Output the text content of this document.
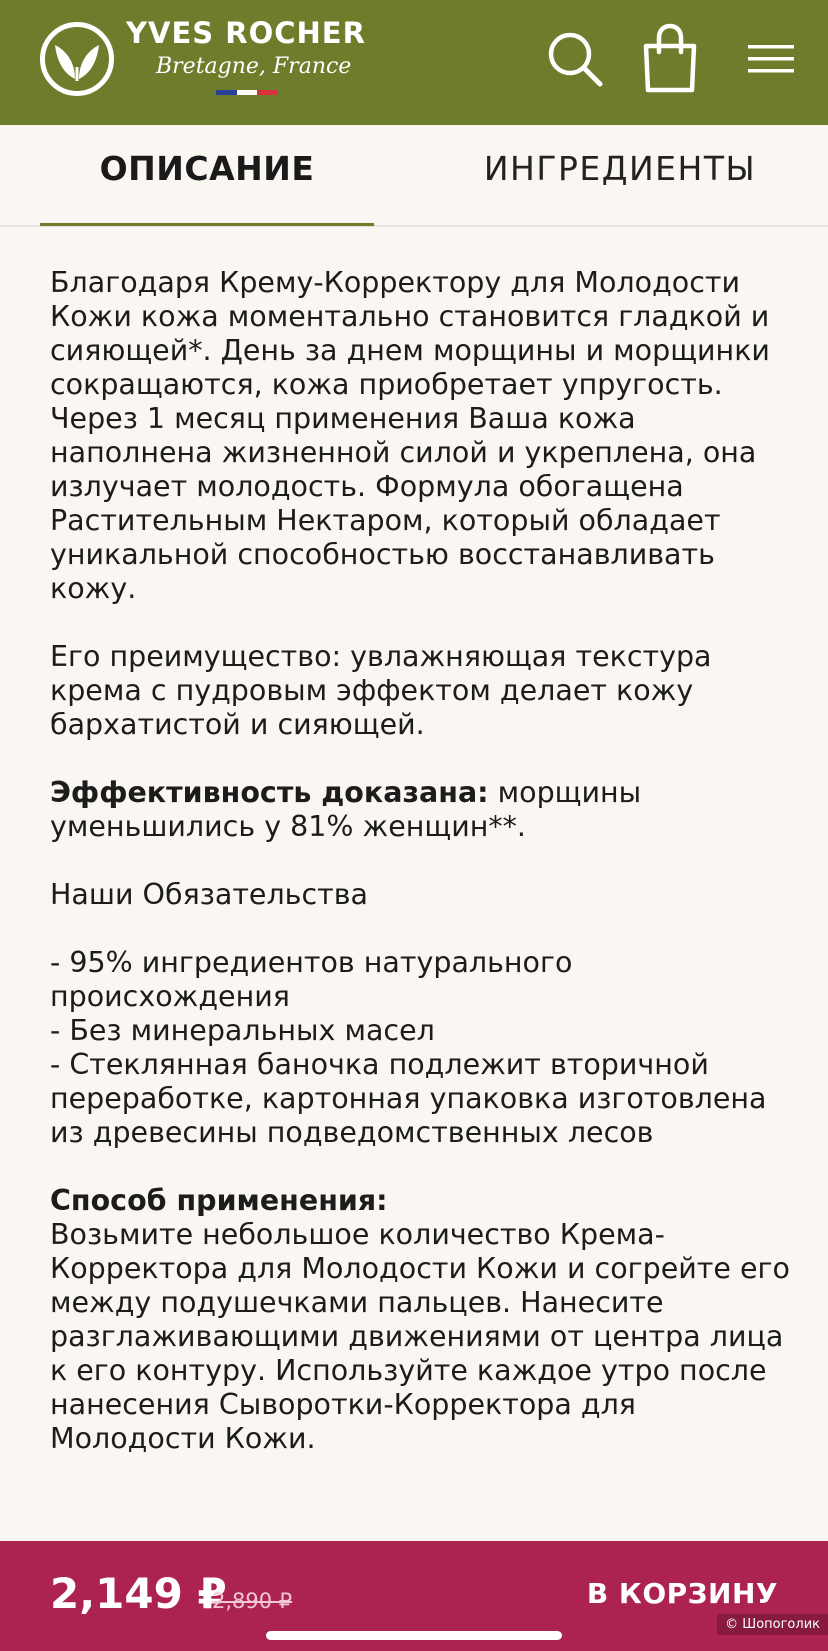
YVES ROCHER
Bretagne, France
ОПИСАНИЕ	ИНГРЕДИЕНТЫ

Благодаря Крему-Корректору для Молодости Кожи кожа моментально становится гладкой и сияющей*. День за днем морщины и морщинки сокращаются, кожа приобретает упругость. Через 1 месяц применения Ваша кожа наполнена жизненной силой и укреплена, она излучает молодость. Формула обогащена Растительным Нектаром, который обладает уникальной способностью восстанавливать кожу.

Его преимущество: увлажняющая текстура крема с пудровым эффектом делает кожу бархатистой и сияющей.

Эффективность доказана: морщины уменьшились у 81% женщин**.

Наши Обязательства

- 95% ингредиентов натурального происхождения
- Без минеральных масел
- Стеклянная баночка подлежит вторичной переработке, картонная упаковка изготовлена из древесины подведомственных лесов

Способ применения:
Возьмите небольшое количество Крема-Корректора для Молодости Кожи и согрейте его между подушечками пальцев. Нанесите разглаживающими движениями от центра лица к его контуру. Используйте каждое утро после нанесения Сыворотки-Корректора для Молодости Кожи.

2,149 ₽
2,890 ₽	В КОРЗИНУ
© Шопоголик
